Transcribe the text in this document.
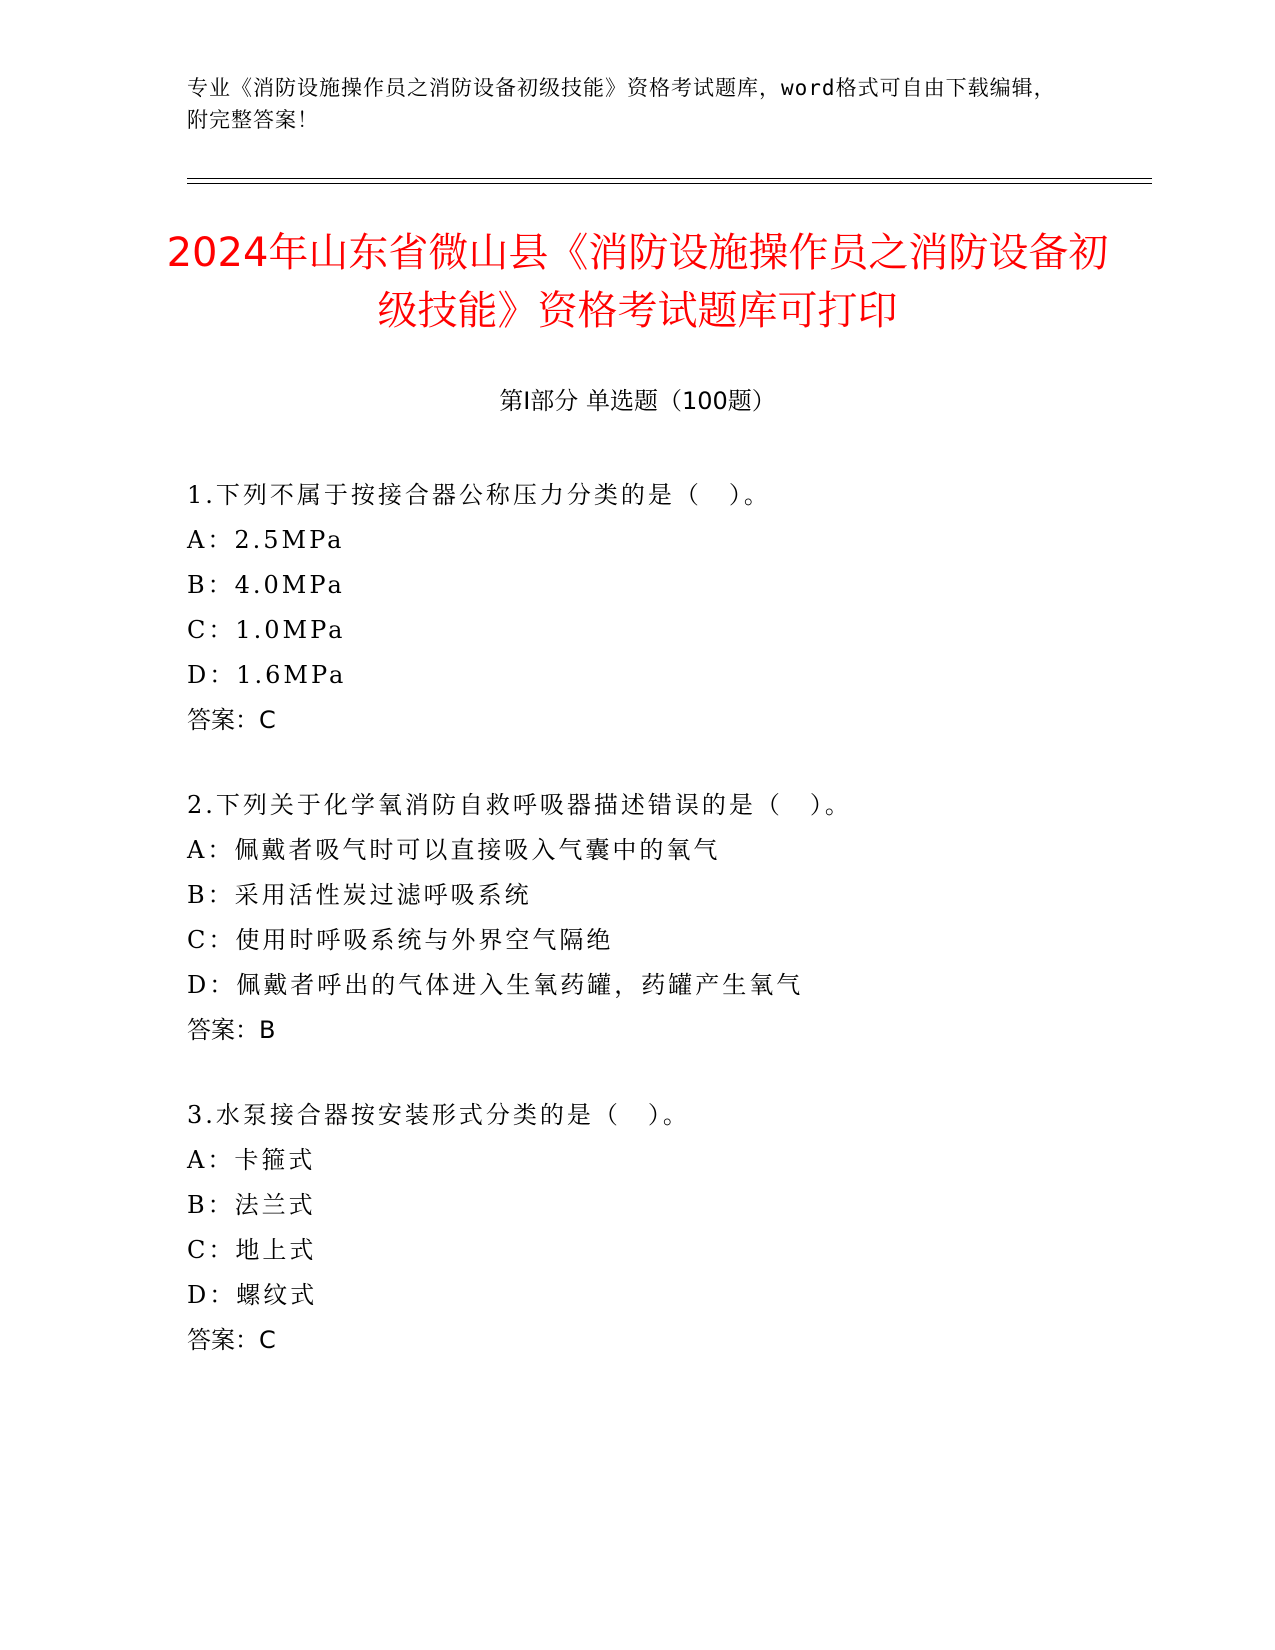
专业《消防设施操作员之消防设备初级技能》资格考试题库，word格式可自由下载编辑，附完整答案！
2024年山东省微山县《消防设施操作员之消防设备初级技能》资格考试题库可打印
第Ⅰ部分 单选题（100题）
1.下列不属于按接合器公称压力分类的是（　）。
A：2.5MPa
B：4.0MPa
C：1.0MPa
D：1.6MPa
答案：C
2.下列关于化学氧消防自救呼吸器描述错误的是（　）。
A：佩戴者吸气时可以直接吸入气囊中的氧气
B：采用活性炭过滤呼吸系统
C：使用时呼吸系统与外界空气隔绝
D：佩戴者呼出的气体进入生氧药罐，药罐产生氧气
答案：B
3.水泵接合器按安装形式分类的是（　）。
A：卡箍式
B：法兰式
C：地上式
D：螺纹式
答案：C
